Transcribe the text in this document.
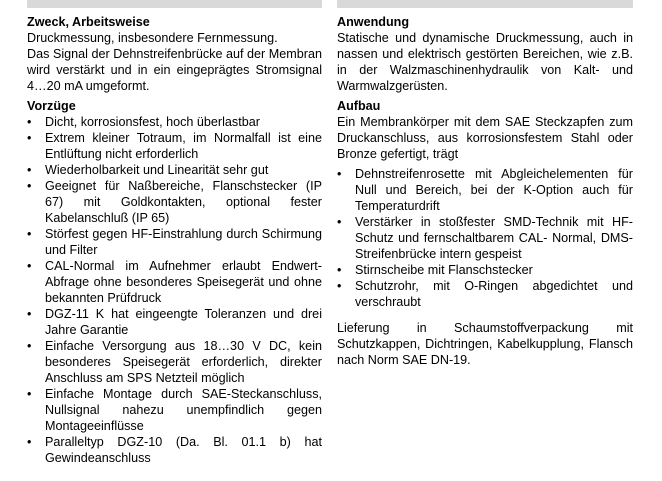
Zweck, Arbeitsweise

Druckmessung, insbesondere Fernmessung.

Das Signal der Dehnstreifenbrücke auf der Membran wird verstärkt und in ein eingeprägtes Stromsignal 4…20 mA umgeformt.

Vorzüge
•	Dicht, korrosionsfest, hoch überlastbar
•	Extrem kleiner Totraum, im Normalfall ist eine Entlüftung nicht erforderlich
•	Wiederholbarkeit und Linearität sehr gut
•	Geeignet für Naßbereiche, Flanschstecker (IP 67) mit Goldkontakten, optional fester Kabelanschluß (IP 65)
•	Störfest gegen HF-Einstrahlung durch Schirmung und Filter
•	CAL-Normal im Aufnehmer erlaubt Endwert-Abfrage ohne besonderes Speisegerät und ohne bekannten Prüfdruck
•	DGZ-11 K hat eingeengte Toleranzen und drei Jahre Garantie
•	Einfache Versorgung aus 18…30 V DC, kein besonderes Speisegerät erforderlich, direkter Anschluss am SPS Netzteil möglich
•	Einfache Montage durch SAE-Steckanschluss, Nullsignal nahezu unempfindlich gegen Montageeinflüsse
•	Paralleltyp DGZ-10 (Da. Bl. 01.1 b) hat Gewindeanschluss
Anwendung

Statische und dynamische Druckmessung, auch in nassen und elektrisch gestörten Bereichen, wie z.B. in der Walzmaschinenhydraulik von Kalt- und Warmwalzgerüsten.

Aufbau

Ein Membrankörper mit dem SAE Steckzapfen zum Druckanschluss, aus korrosionsfestem Stahl oder Bronze gefertigt, trägt

•	Dehnstreifenrosette mit Abgleichelementen für Null und Bereich, bei der K-Option auch für Temperaturdrift
•	Verstärker in stoßfester SMD-Technik mit HF-Schutz und fernschaltbarem CAL- Normal, DMS-Streifenbrücke intern gespeist
•	Stirnscheibe mit Flanschstecker
•	Schutzrohr, mit O-Ringen abgedichtet und verschraubt

Lieferung in Schaumstoffverpackung mit Schutzkappen, Dichtringen, Kabelkupplung, Flansch nach Norm SAE DN-19.
